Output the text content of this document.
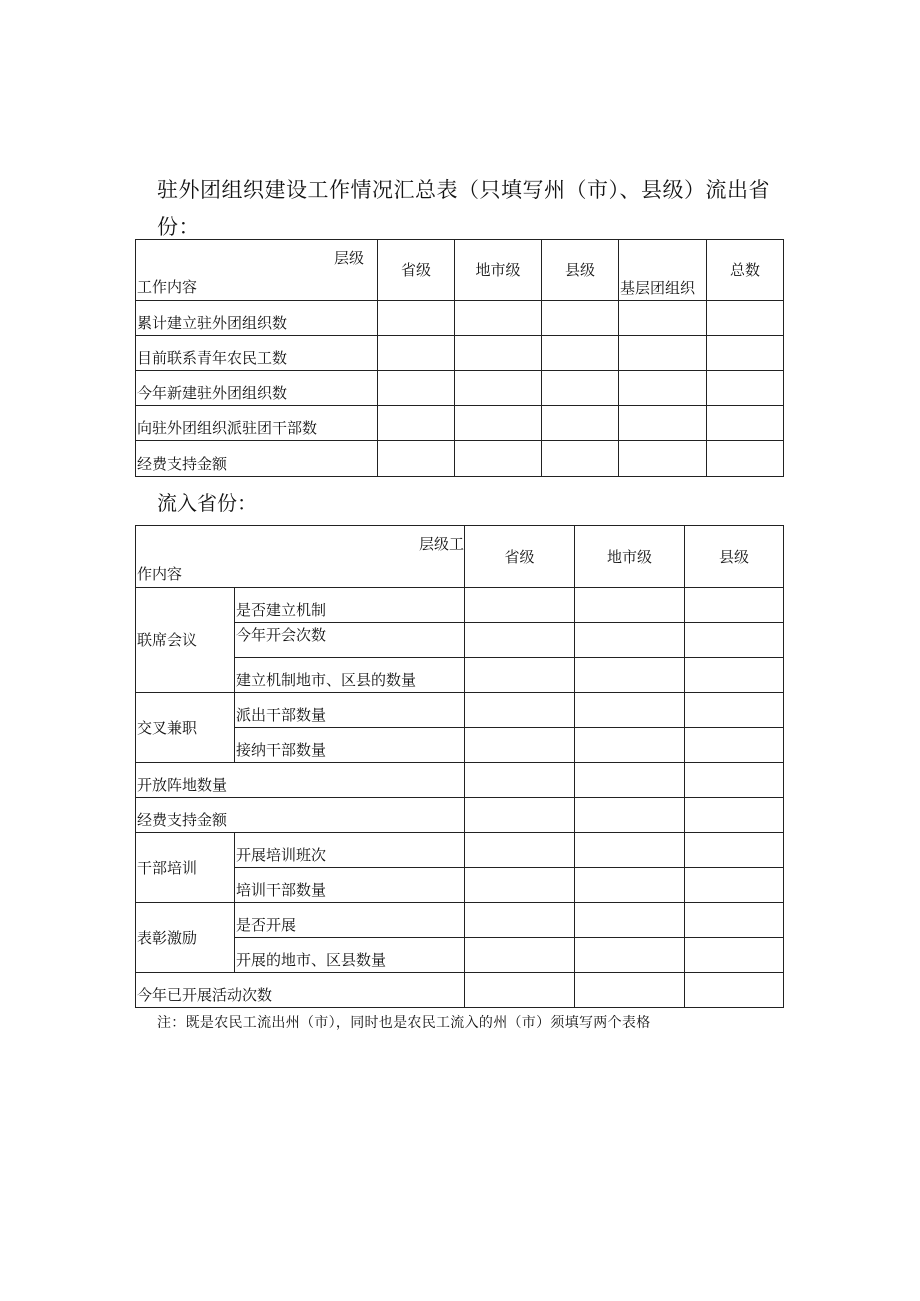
驻外团组织建设工作情况汇总表（只填写州（市）、县级）流出省份：
层级
工作内容	省级	地市级	县级	基层团组织	总数
累计建立驻外团组织数					
目前联系青年农民工数					
今年新建驻外团组织数					
向驻外团组织派驻团干部数					
经费支持金额					
流入省份：
层级工
作内容		省级	地市级	县级
联席会议	是否建立机制			
	今年开会次数			
	建立机制地市、区县的数量			
交叉兼职	派出干部数量			
	接纳干部数量			
开放阵地数量				
经费支持金额				
干部培训	开展培训班次			
	培训干部数量			
表彰激励	是否开展			
	开展的地市、区县数量			
今年已开展活动次数				
注：既是农民工流出州（市），同时也是农民工流入的州（市）须填写两个表格
